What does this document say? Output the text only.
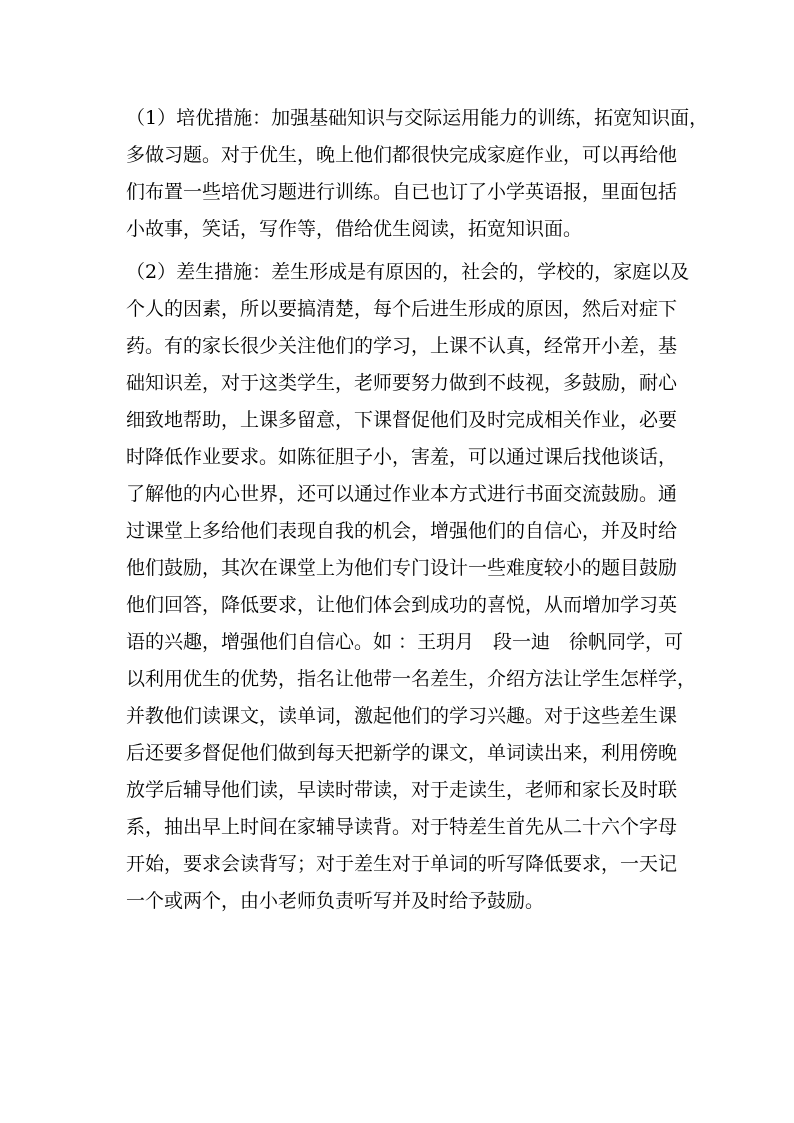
（1）培优措施：加强基础知识与交际运用能力的训练，拓宽知识面，
多做习题。对于优生，晚上他们都很快完成家庭作业，可以再给他
们布置一些培优习题进行训练。自已也订了小学英语报，里面包括
小故事，笑话，写作等，借给优生阅读，拓宽知识面。
（2）差生措施：差生形成是有原因的，社会的，学校的，家庭以及
个人的因素，所以要搞清楚，每个后进生形成的原因，然后对症下
药。有的家长很少关注他们的学习，上课不认真，经常开小差，基
础知识差，对于这类学生，老师要努力做到不歧视，多鼓励，耐心
细致地帮助，上课多留意，下课督促他们及时完成相关作业，必要
时降低作业要求。如陈征胆子小，害羞，可以通过课后找他谈话，
了解他的内心世界，还可以通过作业本方式进行书面交流鼓励。通
过课堂上多给他们表现自我的机会，增强他们的自信心，并及时给
他们鼓励，其次在课堂上为他们专门设计一些难度较小的题目鼓励
他们回答，降低要求，让他们体会到成功的喜悦，从而增加学习英
语的兴趣，增强他们自信心。如 ：王玥月　段一迪　徐帆同学，可
以利用优生的优势，指名让他带一名差生，介绍方法让学生怎样学，
并教他们读课文，读单词，激起他们的学习兴趣。对于这些差生课
后还要多督促他们做到每天把新学的课文，单词读出来，利用傍晚
放学后辅导他们读，早读时带读，对于走读生，老师和家长及时联
系，抽出早上时间在家辅导读背。对于特差生首先从二十六个字母
开始，要求会读背写；对于差生对于单词的听写降低要求，一天记
一个或两个，由小老师负责听写并及时给予鼓励。
